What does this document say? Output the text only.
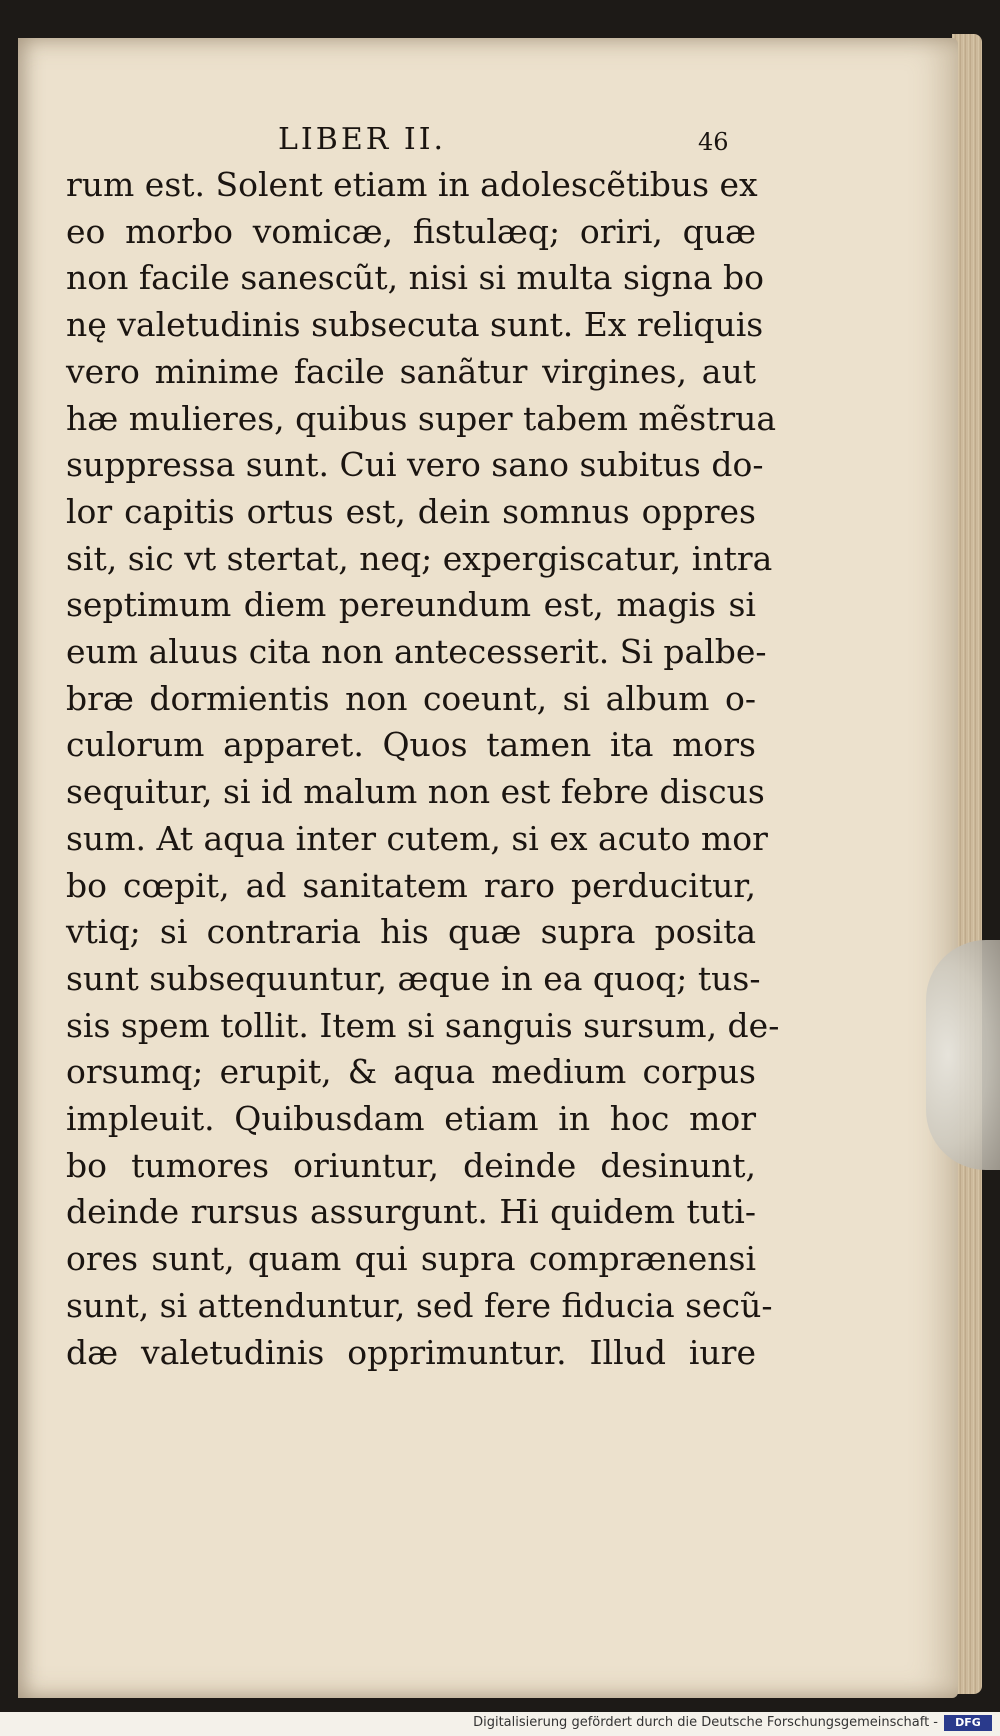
LIBER II.	46
rum est. Solent etiam in adolescẽtibus ex
eo morbo vomicæ, fistulæq; oriri, quæ
non facile sanescũt, nisi si multa signa bo
nę valetudinis subsecuta sunt. Ex reliquis
vero minime facile sanãtur virgines, aut
hæ mulieres, quibus super tabem mẽstrua
suppressa sunt. Cui vero sano subitus do-
lor capitis ortus est, dein somnus oppres
sit, sic vt stertat, neq; expergiscatur, intra
septimum diem pereundum est, magis si
eum aluus cita non antecesserit. Si palbe-
bræ dormientis non coeunt, si album o-
culorum apparet. Quos tamen ita mors
sequitur, si id malum non est febre discus
sum. At aqua inter cutem, si ex acuto mor
bo cœpit, ad sanitatem raro perducitur,
vtiq; si contraria his quæ supra posita
sunt subsequuntur, æque in ea quoq; tus-
sis spem tollit. Item si sanguis sursum, de-
orsumq; erupit, & aqua medium corpus
impleuit. Quibusdam etiam in hoc mor
bo tumores oriuntur, deinde desinunt,
deinde rursus assurgunt. Hi quidem tuti-
ores sunt, quam qui supra comprænensi
sunt, si attenduntur, sed fere fiducia secũ-
dæ valetudinis opprimuntur. Illud iure
Digitalisierung gefördert durch die Deutsche Forschungsgemeinschaft -	DFG
